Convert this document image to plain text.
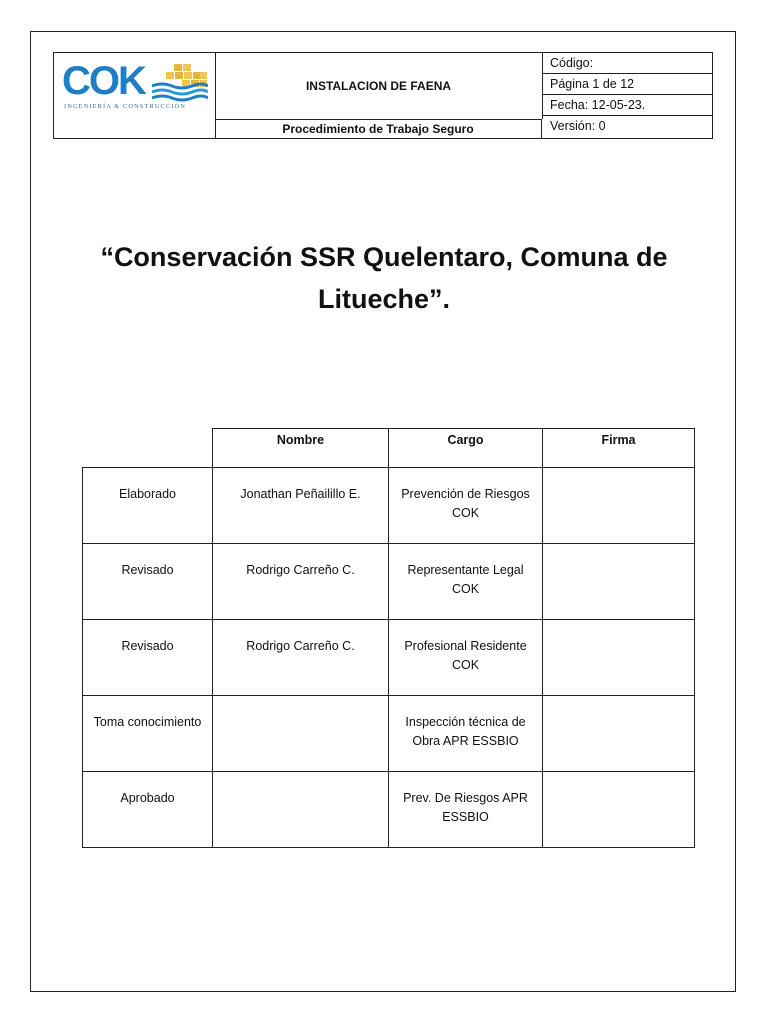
COK
INGENIERÍA & CONSTRUCCIÓN
INSTALACION DE FAENA
Procedimiento de Trabajo Seguro
Código:
Página 1 de 12
Fecha: 12-05-23.
Versión: 0
“Conservación SSR Quelentaro, Comuna de
Litueche”.
	Nombre	Cargo	Firma
Elaborado	Jonathan Peñailillo E.	Prevención de Riesgos COK	
Revisado	Rodrigo Carreño C.	Representante Legal COK	
Revisado	Rodrigo Carreño C.	Profesional Residente COK	
Toma conocimiento		Inspección técnica de Obra APR ESSBIO	
Aprobado		Prev. De Riesgos APR ESSBIO	
